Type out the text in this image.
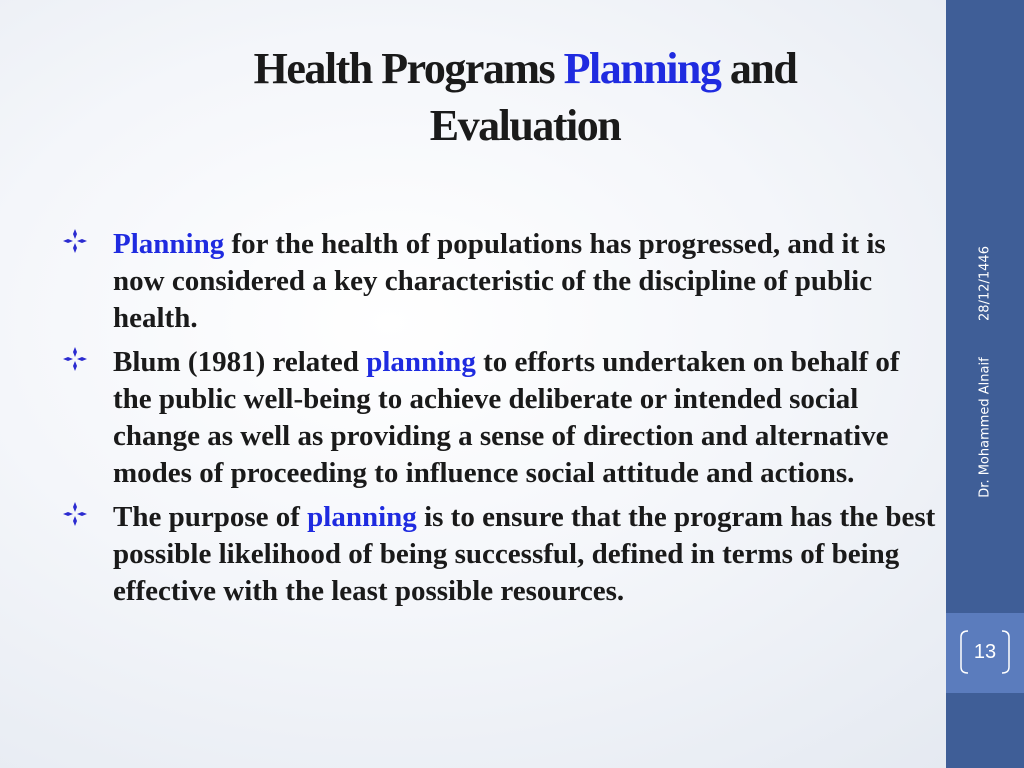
Health Programs Planning and
Evaluation
Planning for the health of populations has progressed, and it is now considered a key characteristic of the discipline of public health.
Blum (1981) related planning to efforts undertaken on behalf of the public well-being to achieve deliberate or intended social change as well as providing a sense of direction and alternative modes of proceeding to influence social attitude and actions.
The purpose of planning is to ensure that the program has the best possible likelihood of being successful, defined in terms of being effective with the least possible resources.
28/12/1446
Dr. Mohammed Alnaif
13
